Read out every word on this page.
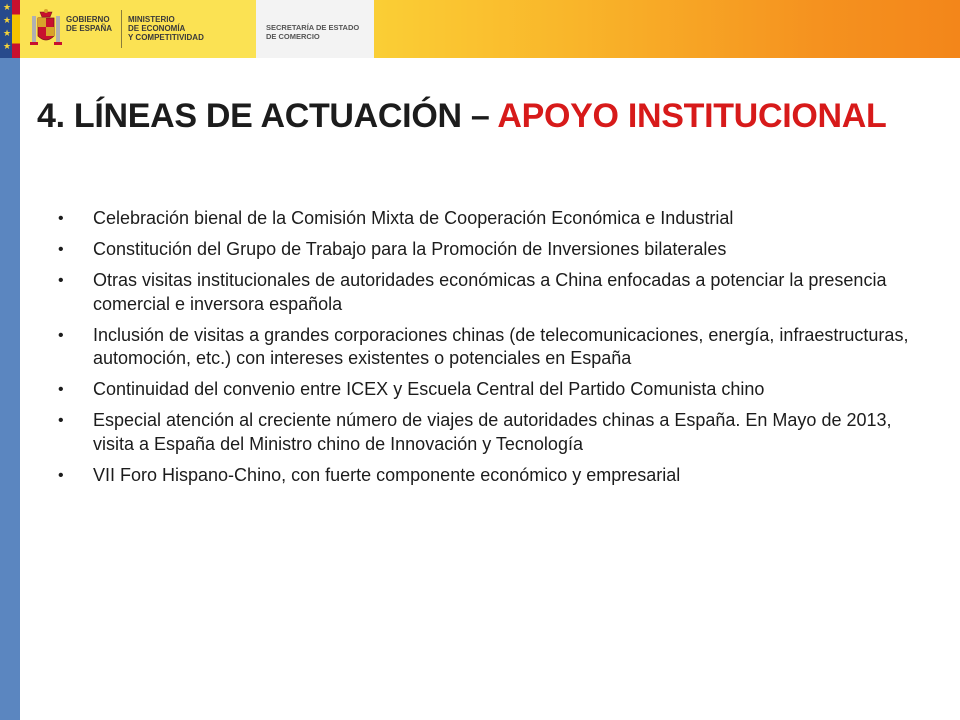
★
★
★
★
GOBIERNO
DE ESPAÑA
MINISTERIO
DE ECONOMÍA
Y COMPETITIVIDAD
SECRETARÍA DE ESTADO
DE COMERCIO
4. LÍNEAS DE ACTUACIÓN – APOYO INSTITUCIONAL
• Celebración bienal de la Comisión Mixta de Cooperación Económica e Industrial
• Constitución del Grupo de Trabajo para la Promoción de Inversiones bilaterales
• Otras visitas institucionales de autoridades económicas a China enfocadas a potenciar la presencia comercial e inversora española
• Inclusión de visitas a grandes corporaciones chinas (de telecomunicaciones, energía, infraestructuras, automoción, etc.) con intereses existentes o potenciales en España
• Continuidad del convenio entre ICEX y Escuela Central del Partido Comunista chino
• Especial atención al creciente número de viajes de autoridades chinas a España. En Mayo de 2013, visita a España del Ministro chino de Innovación y Tecnología
• VII Foro Hispano-Chino, con fuerte componente económico y empresarial
